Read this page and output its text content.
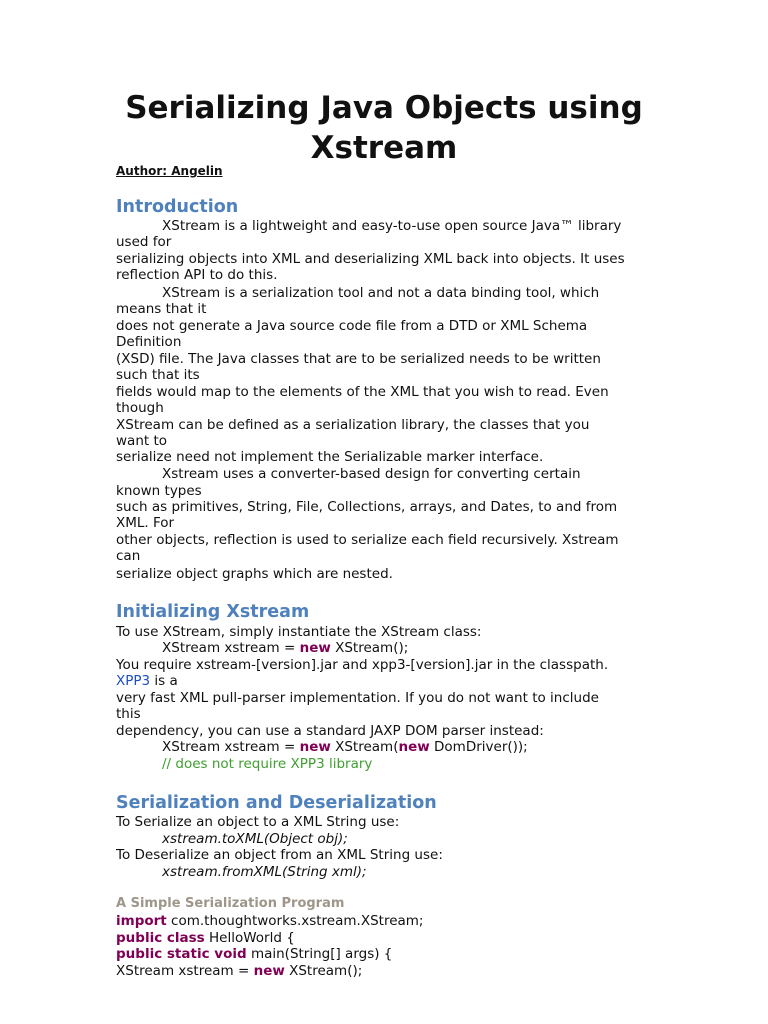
Serializing Java Objects using Xstream
Author: Angelin
Introduction
XStream is a lightweight and easy-to-use open source Java™ library
used for
serializing objects into XML and deserializing XML back into objects. It uses
reflection API to do this.
XStream is a serialization tool and not a data binding tool, which
means that it
does not generate a Java source code file from a DTD or XML Schema
Definition
(XSD) file. The Java classes that are to be serialized needs to be written
such that its
fields would map to the elements of the XML that you wish to read. Even
though
XStream can be defined as a serialization library, the classes that you
want to
serialize need not implement the Serializable marker interface.
Xstream uses a converter-based design for converting certain
known types
such as primitives, String, File, Collections, arrays, and Dates, to and from
XML. For
other objects, reflection is used to serialize each field recursively. Xstream
can
serialize object graphs which are nested.
Initializing Xstream
To use XStream, simply instantiate the XStream class:
XStream xstream = new XStream();
You require xstream-[version].jar and xpp3-[version].jar in the classpath.
XPP3 is a
very fast XML pull-parser implementation. If you do not want to include
this
dependency, you can use a standard JAXP DOM parser instead:
XStream xstream = new XStream(new DomDriver());
// does not require XPP3 library
Serialization and Deserialization
To Serialize an object to a XML String use:
xstream.toXML(Object obj);
To Deserialize an object from an XML String use:
xstream.fromXML(String xml);
A Simple Serialization Program
import com.thoughtworks.xstream.XStream;
public class HelloWorld {
public static void main(String[] args) {
XStream xstream = new XStream();
